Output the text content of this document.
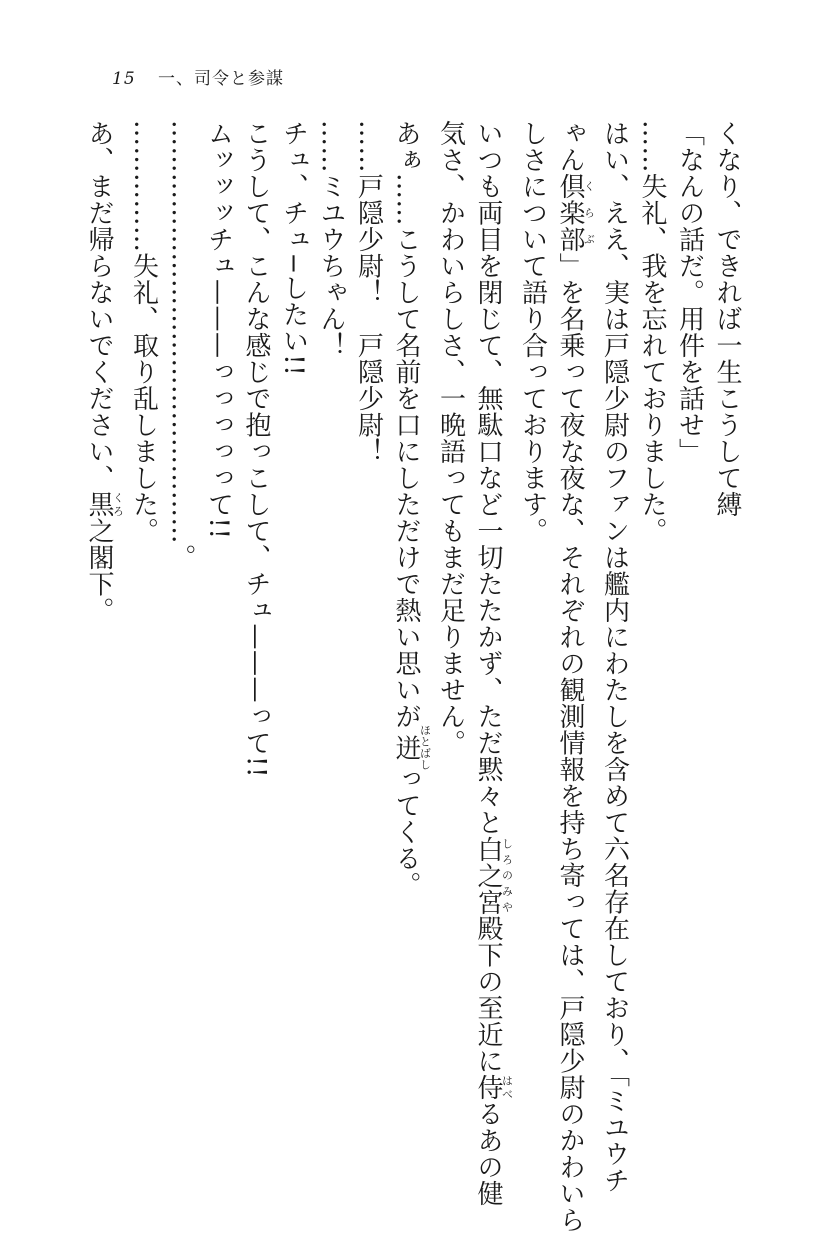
15 一、司令と参謀
くなり、できれば一生こうして縛
「なんの話だ。用件を話せ」
……失礼、我を忘れておりました。
はい、ええ、実は戸隠少尉のファンは艦内にわたしを含めて六名存在しており、「ミユウチ
ゃん倶楽部くらぶ」を名乗って夜な夜な、それぞれの観測情報を持ち寄っては、戸隠少尉のかわいら
しさについて語り合っております。
いつも両目を閉じて、無駄口など一切たたかず、ただ黙々と白之宮しろのみや殿下の至近に侍はべるあの健
気さ、かわいらしさ、一晩語ってもまだ足りません。
あぁ……こうして名前を口にしただけで熱い思いが迸ほとばしってくる。
……戸隠少尉！　戸隠少尉！
……ミユウちゃん！
チュ、チュ−したい!!
こうして、こんな感じで抱っこして、チュ———って!!
ムッッッチュ———っっっっって!!
…………………………………………。
……………失礼、取り乱しました。
あ、まだ帰らないでください、黒くろ之閣下。
